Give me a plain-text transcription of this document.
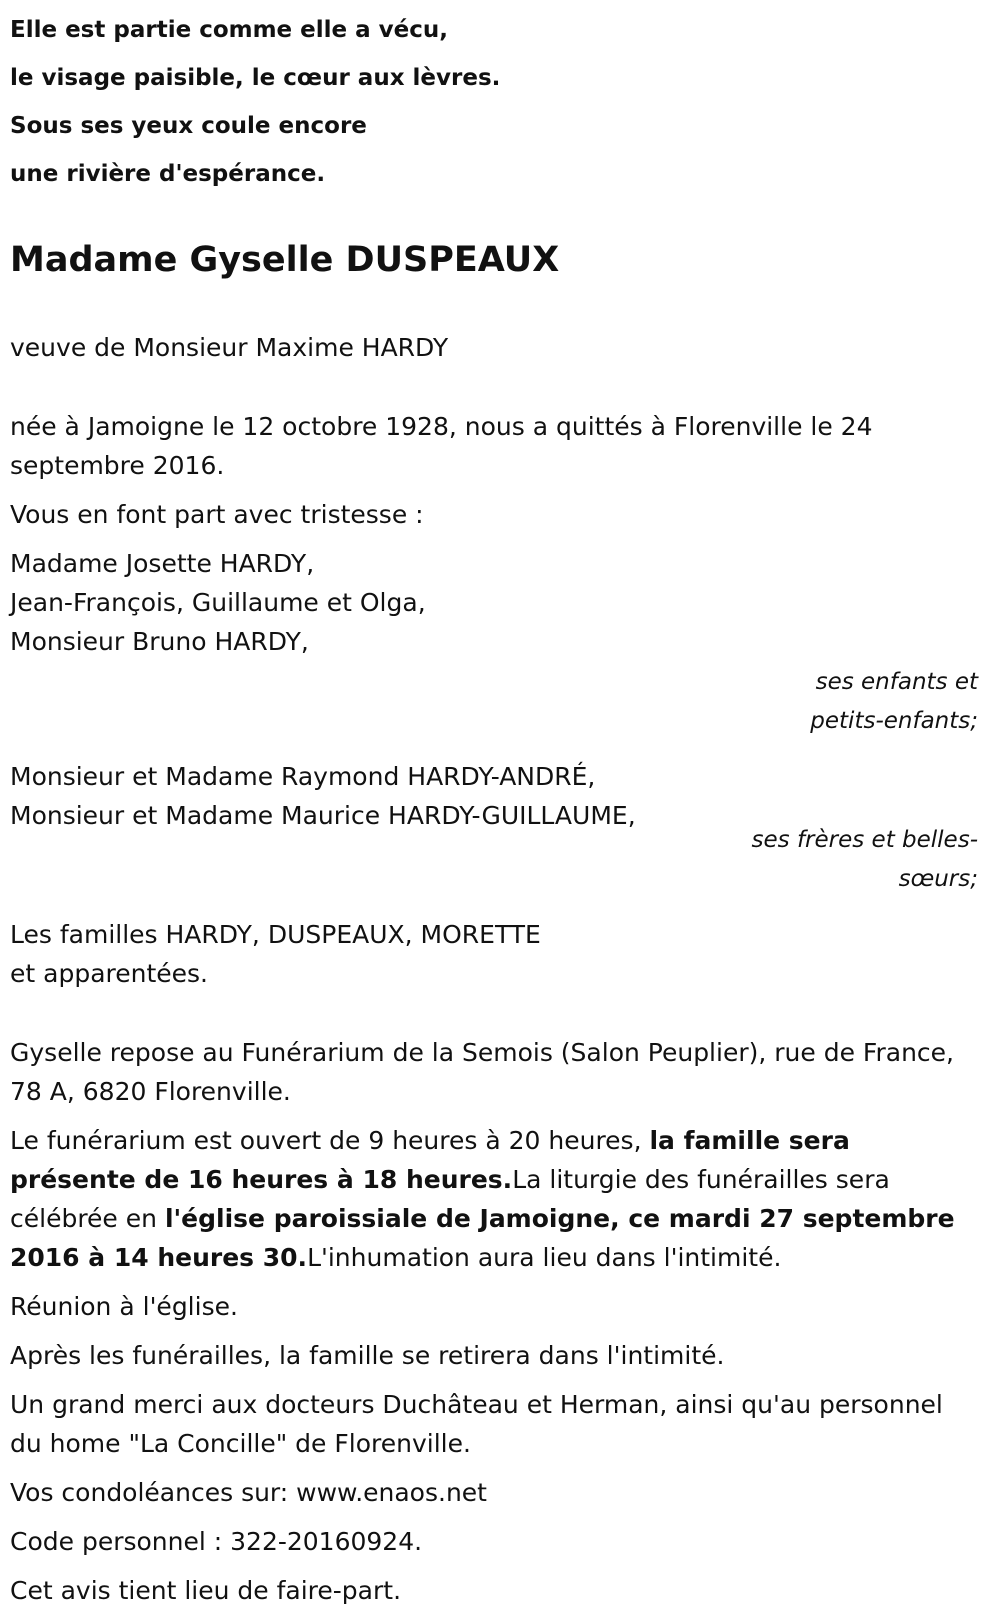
Elle est partie comme elle a vécu,
le visage paisible, le cœur aux lèvres.
Sous ses yeux coule encore
une rivière d'espérance.
Madame Gyselle DUSPEAUX

veuve de Monsieur Maxime HARDY

née à Jamoigne le 12 octobre 1928, nous a quittés à Florenville le 24 septembre 2016.

Vous en font part avec tristesse :

Madame Josette HARDY,
Jean-François, Guillaume et Olga,
Monsieur Bruno HARDY,
ses enfants et petits-enfants;
Monsieur et Madame Raymond HARDY-ANDRÉ,
Monsieur et Madame Maurice HARDY-GUILLAUME,
ses frères et belles-sœurs;
Les familles HARDY, DUSPEAUX, MORETTE
et apparentées.

Gyselle repose au Funérarium de la Semois (Salon Peuplier), rue de France, 78 A, 6820 Florenville.

Le funérarium est ouvert de 9 heures à 20 heures, la famille sera présente de 16 heures à 18 heures.La liturgie des funérailles sera célébrée en l'église paroissiale de Jamoigne, ce mardi 27 septembre 2016 à 14 heures 30.L'inhumation aura lieu dans l'intimité.

Réunion à l'église.

Après les funérailles, la famille se retirera dans l'intimité.

Un grand merci aux docteurs Duchâteau et Herman, ainsi qu'au personnel du home "La Concille" de Florenville.

Vos condoléances sur: www.enaos.net

Code personnel : 322-20160924.

Cet avis tient lieu de faire-part.
